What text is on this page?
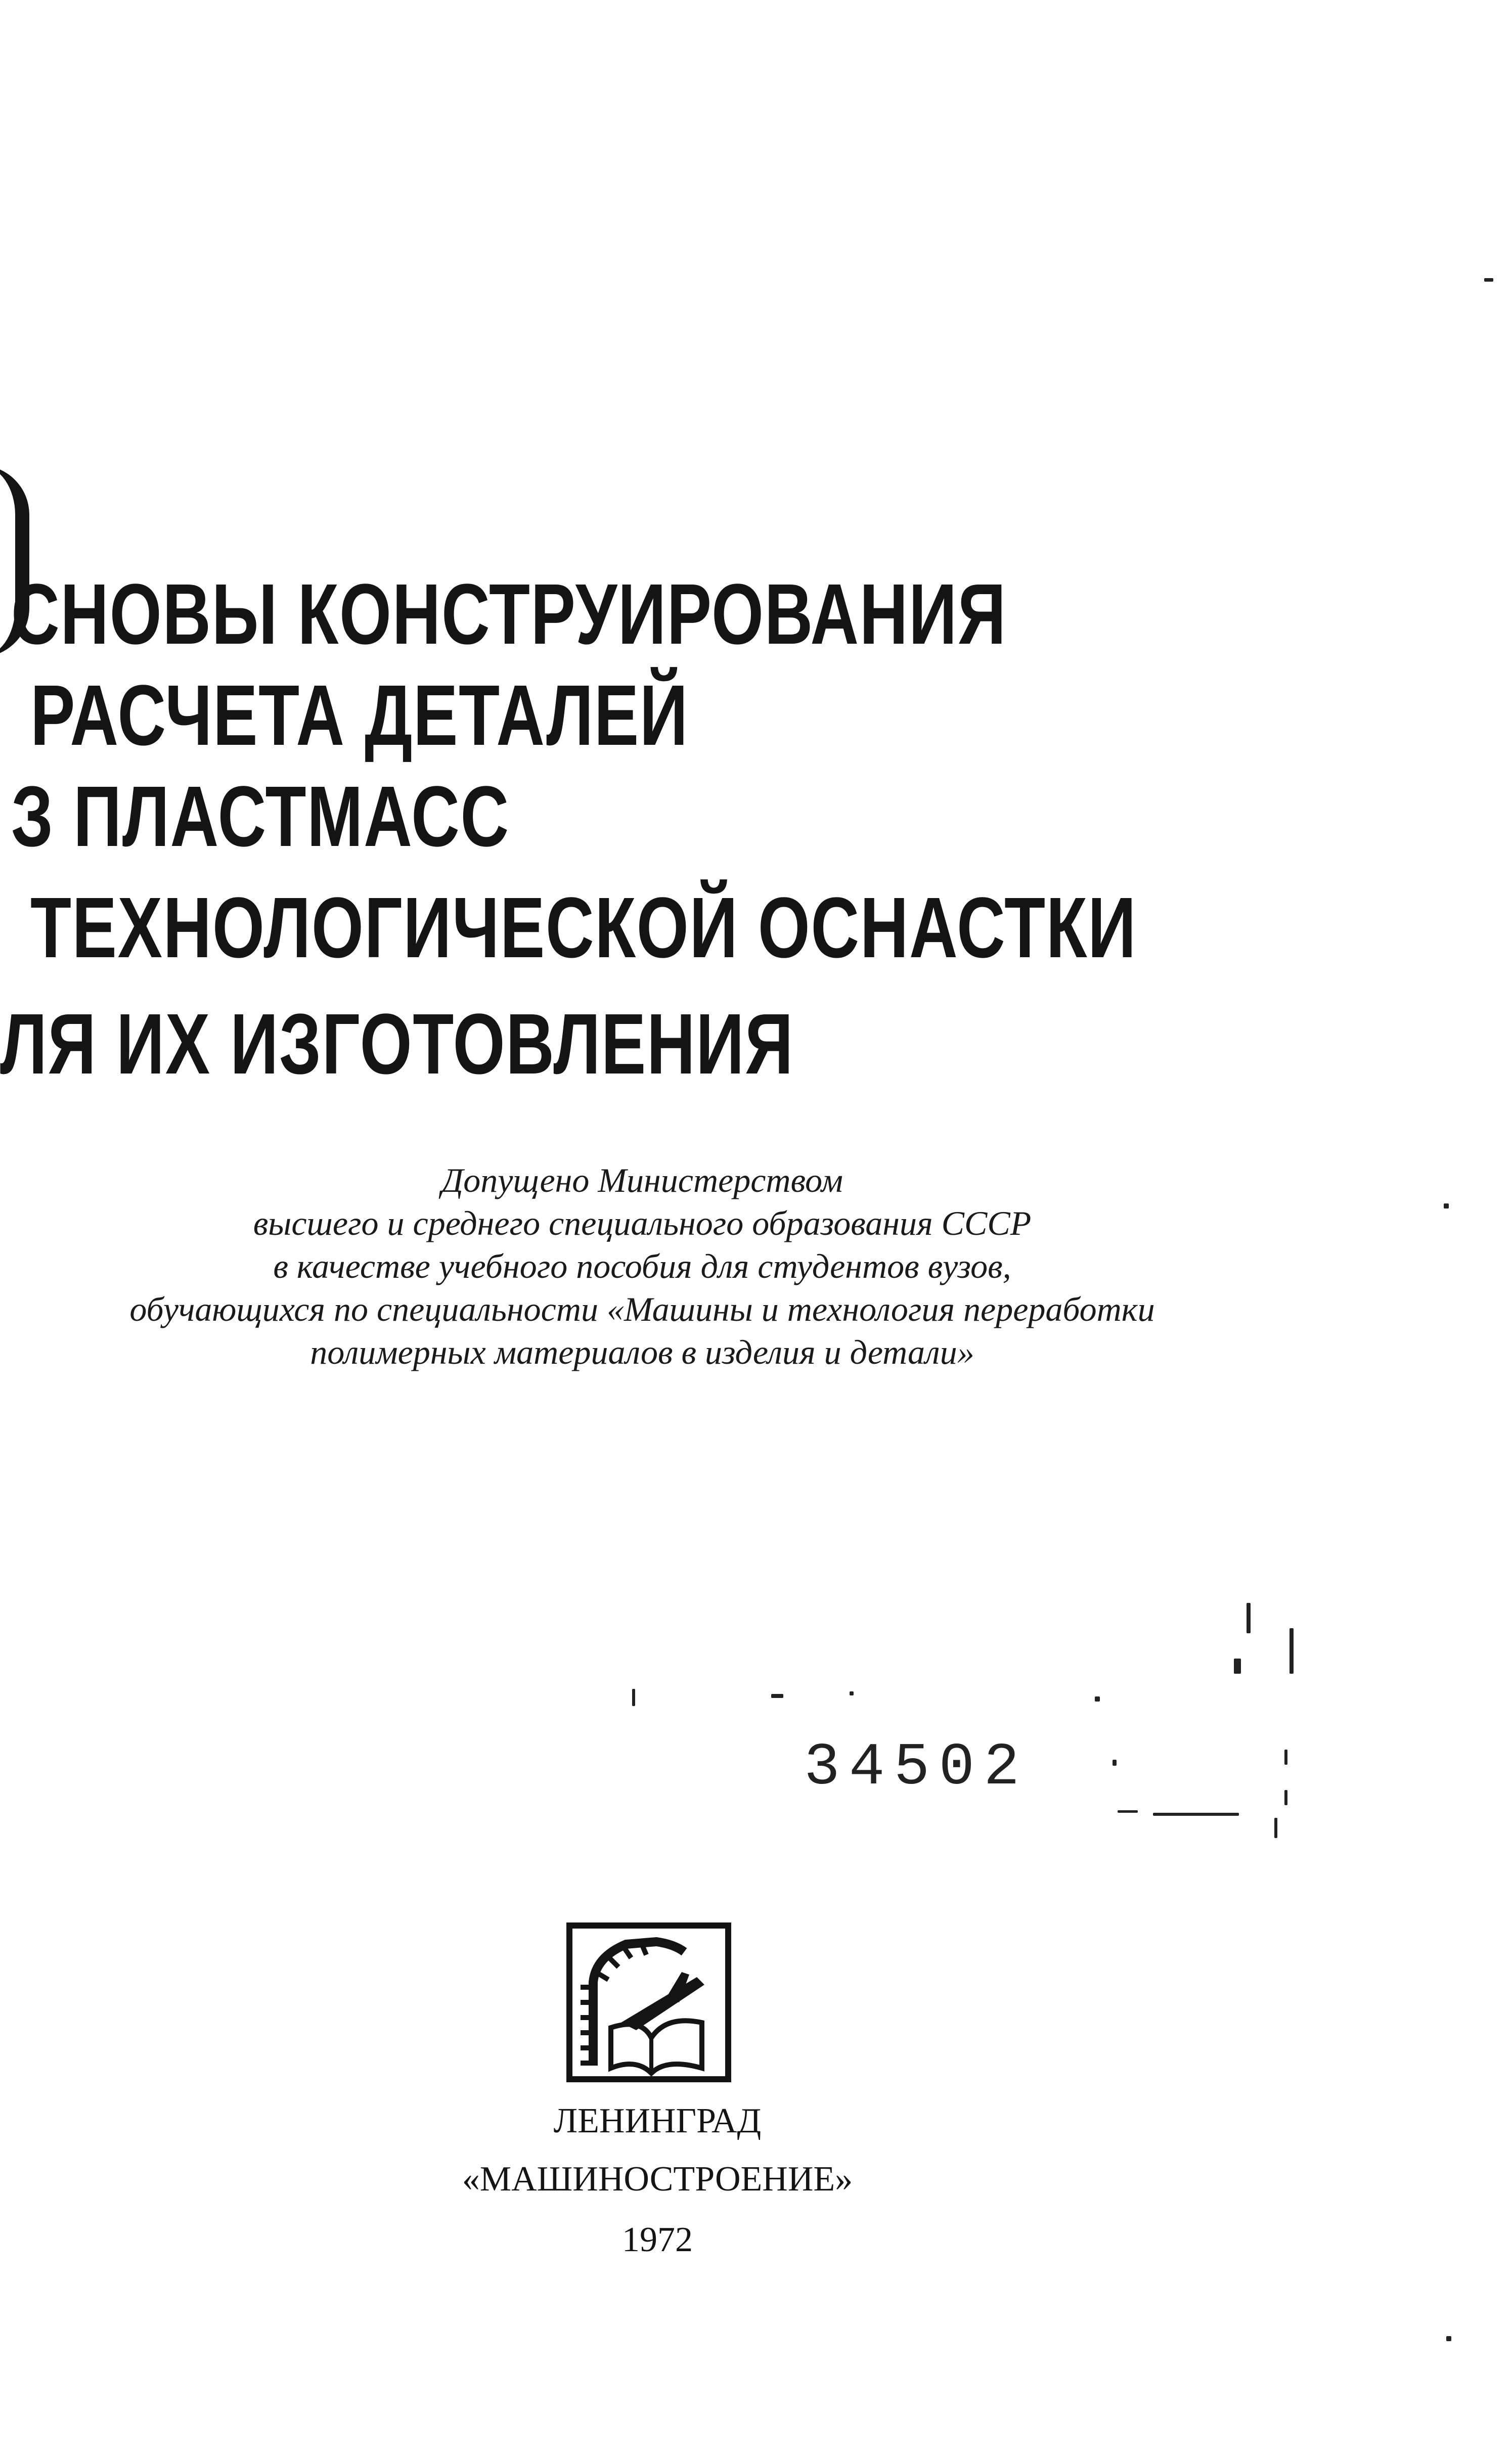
СНОВЫ КОНСТРУИРОВАНИЯ
РАСЧЕТА ДЕТАЛЕЙ
З ПЛАСТМАСС
ТЕХНОЛОГИЧЕСКОЙ ОСНАСТКИ
ЛЯ ИХ ИЗГОТОВЛЕНИЯ
Допущено Министерством
высшего и среднего специального образования СССР
в качестве учебного пособия для студентов вузов,
обучающихся по специальности «Машины и технология переработки
полимерных материалов в изделия и детали»
34502
ЛЕНИНГРАД
«МАШИНОСТРОЕНИЕ»
1972
